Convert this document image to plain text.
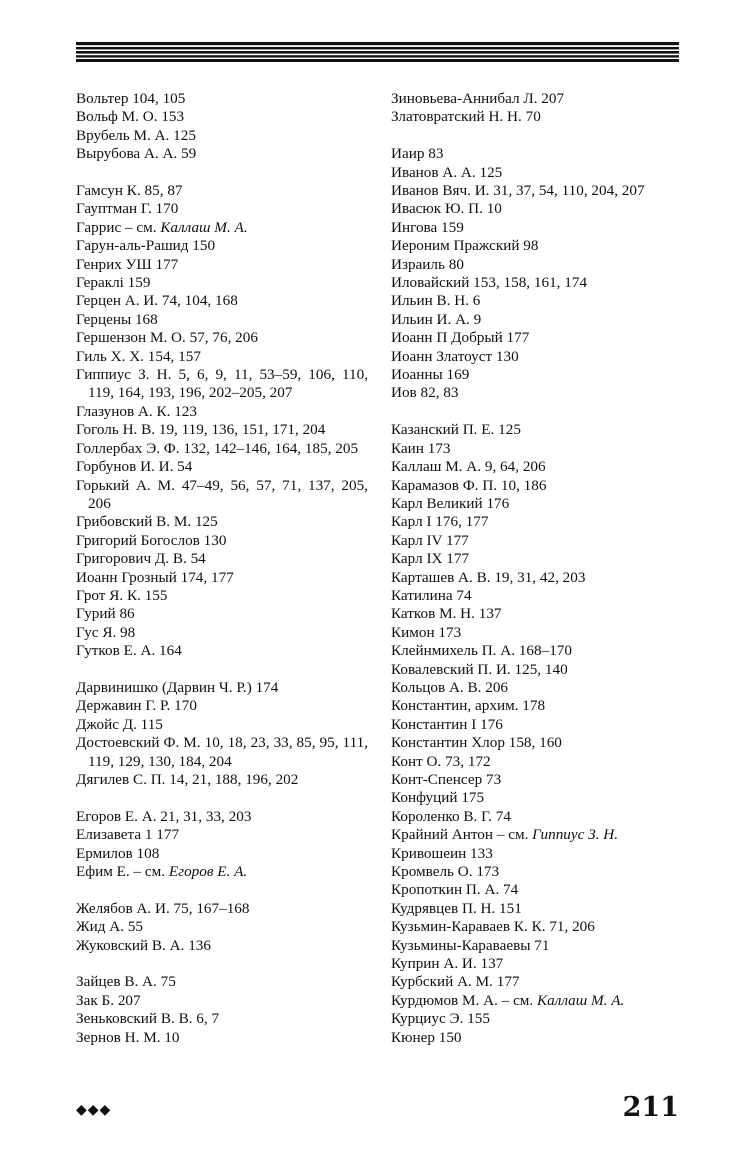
Вольтер 104, 105
Вольф М. О. 153
Врубель М. А. 125
Вырубова А. А. 59
Гамсун К. 85, 87
Гауптман Г. 170
Гаррис – см. Каллаш М. А.
Гарун-аль-Рашид 150
Генрих УШ 177
Гераклі 159
Герцен А. И. 74, 104, 168
Герцены 168
Гершензон М. О. 57, 76, 206
Гиль Х. Х. 154, 157
Гиппиус З. Н. 5, 6, 9, 11, 53–59, 106, 110, 119, 164, 193, 196, 202–205, 207
Глазунов А. К. 123
Гоголь Н. В. 19, 119, 136, 151, 171, 204
Голлербах Э. Ф. 132, 142–146, 164, 185, 205
Горбунов И. И. 54
Горький А. М. 47–49, 56, 57, 71, 137, 205, 206
Грибовский В. М. 125
Григорий Богослов 130
Григорович Д. В. 54
Иоанн Грозный 174, 177
Грот Я. К. 155
Гурий 86
Гус Я. 98
Гутков Е. А. 164
Дарвинишко (Дарвин Ч. Р.) 174
Державин Г. Р. 170
Джойс Д. 115
Достоевский Ф. М. 10, 18, 23, 33, 85, 95, 111, 119, 129, 130, 184, 204
Дягилев С. П. 14, 21, 188, 196, 202
Егоров Е. А. 21, 31, 33, 203
Елизавета 1 177
Ермилов 108
Ефим Е. – см. Егоров Е. А.
Желябов А. И. 75, 167–168
Жид А. 55
Жуковский В. А. 136
Зайцев В. А. 75
Зак Б. 207
Зеньковский В. В. 6, 7
Зернов Н. М. 10
Зиновьева-Аннибал Л. 207
Златовратский Н. Н. 70
Иаир 83
Иванов А. А. 125
Иванов Вяч. И. 31, 37, 54, 110, 204, 207
Ивасюк Ю. П. 10
Ингова 159
Иероним Пражский 98
Израиль 80
Иловайский 153, 158, 161, 174
Ильин В. Н. 6
Ильин И. А. 9
Иоанн П Добрый 177
Иоанн Златоуст 130
Иоанны 169
Иов 82, 83
Казанский П. Е. 125
Каин 173
Каллаш М. А. 9, 64, 206
Карамазов Ф. П. 10, 186
Карл Великий 176
Карл I 176, 177
Карл IV 177
Карл IX 177
Карташев А. В. 19, 31, 42, 203
Катилина 74
Катков М. Н. 137
Кимон 173
Клейнмихель П. А. 168–170
Ковалевский П. И. 125, 140
Кольцов А. В. 206
Константин, архим. 178
Константин I 176
Константин Хлор 158, 160
Конт О. 73, 172
Конт-Спенсер 73
Конфуций 175
Короленко В. Г. 74
Крайний Антон – см. Гиппиус З. Н.
Кривошеин 133
Кромвель О. 173
Кропоткин П. А. 74
Кудрявцев П. Н. 151
Кузьмин-Караваев К. К. 71, 206
Кузьмины-Караваевы 71
Куприн А. И. 137
Курбский А. М. 177
Курдюмов М. А. – см. Каллаш М. А.
Курциус Э. 155
Кюнер 150
◆◆◆	211
